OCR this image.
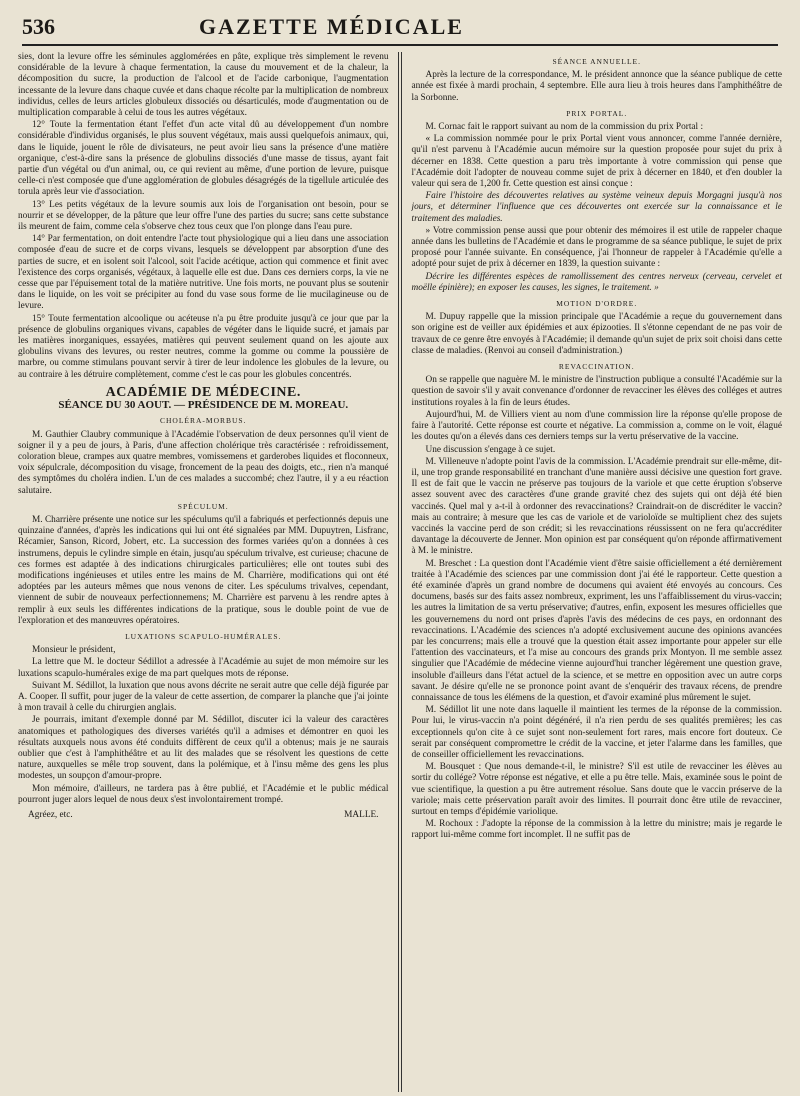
536	GAZETTE MÉDICALE

sies, dont la levure offre les séminules agglomérées en pâte, explique très simplement le revenu considérable de la levure à chaque fermentation, la cause du mouvement et de la chaleur, la décomposition du sucre, la production de l'alcool et de l'acide carbonique, l'augmentation incessante de la levure dans chaque cuvée et dans chaque récolte par la multiplication de nombreux individus, celles de leurs articles globuleux dissociés ou désarticulés, mode d'augmentation ou de multiplication comparable à celui de tous les autres végétaux.

12° Toute la fermentation étant l'effet d'un acte vital dû au développement d'un nombre considérable d'individus organisés, le plus souvent végétaux, mais aussi quelquefois animaux, qui, dans le liquide, jouent le rôle de divisateurs, ne peut avoir lieu sans la présence d'une matière organique, c'est-à-dire sans la présence de globulins dissociés d'une masse de tissus, ayant fait partie d'un végétal ou d'un animal, ou, ce qui revient au même, d'une portion de levure, puisque celle-ci n'est composée que d'une agglomération de globules désagrégés de la tigellule articulée des torula après leur vie d'association.

13° Les petits végétaux de la levure soumis aux lois de l'organisation ont besoin, pour se nourrir et se développer, de la pâture que leur offre l'une des parties du sucre; sans cette substance ils meurent de faim, comme cela s'observe chez tous ceux que l'on plonge dans l'eau pure.

14° Par fermentation, on doit entendre l'acte tout physiologique qui a lieu dans une association composée d'eau de sucre et de corps vivans, lesquels se développent par absorption d'une des parties de sucre, et en isolent soit l'alcool, soit l'acide acétique, action qui commence et finit avec l'existence des corps organisés, végétaux, à laquelle elle est due. Dans ces derniers corps, la vie ne cesse que par l'épuisement total de la matière nutritive. Une fois morts, ne pouvant plus se soutenir dans le liquide, on les voit se précipiter au fond du vase sous forme de lie mucilagineuse ou de levure.

15° Toute fermentation alcoolique ou acéteuse n'a pu être produite jusqu'à ce jour que par la présence de globulins organiques vivans, capables de végéter dans le liquide sucré, et jamais par les matières inorganiques, essayées, matières qui peuvent seulement quand on les ajoute aux globulins vivans des levures, ou rester neutres, comme la gomme ou comme la poussière de marbre, ou comme stimulans pouvant servir à tirer de leur indolence les globules de la levure, ou au contraire à les détruire complètement, comme c'est le cas pour les globules concentrés.

ACADÉMIE DE MÉDECINE.
SÉANCE DU 30 AOUT. — PRÉSIDENCE DE M. MOREAU.
CHOLÉRA-MORBUS.

M. Gauthier Claubry communique à l'Académie l'observation de deux personnes qu'il vient de soigner il y a peu de jours, à Paris, d'une affection cholérique très caractérisée : refroidissement, coloration bleue, crampes aux quatre membres, vomissemens et garderobes liquides et floconneux, voix sépulcrale, décomposition du visage, froncement de la peau des doigts, etc., rien n'a manqué des symptômes du choléra indien. L'un de ces malades a succombé; chez l'autre, il y a eu réaction salutaire.

SPÉCULUM.

M. Charrière présente une notice sur les spéculums qu'il a fabriqués et perfectionnés depuis une quinzaine d'années, d'après les indications qui lui ont été signalées par MM. Dupuytren, Lisfranc, Récamier, Sanson, Ricord, Jobert, etc. La succession des formes variées qu'on a données à ces instrumens, depuis le cylindre simple en étain, jusqu'au spéculum trivalve, est curieuse; chacune de ces formes est adaptée à des indications chirurgicales particulières; elle ont toutes subi des modifications ingénieuses et utiles entre les mains de M. Charrière, modifications qui ont été adoptées par les auteurs mêmes que nous venons de citer. Les spéculums trivalves, cependant, viennent de subir de nouveaux perfectionnemens; M. Charrière est parvenu à les rendre aptes à remplir à eux seuls les différentes indications de la pratique, sous le double point de vue de l'exploration et des manœuvres opératoires.

LUXATIONS SCAPULO-HUMÉRALES.

Monsieur le président,

La lettre que M. le docteur Sédillot a adressée à l'Académie au sujet de mon mémoire sur les luxations scapulo-humérales exige de ma part quelques mots de réponse.

Suivant M. Sédillot, la luxation que nous avons décrite ne serait autre que celle déjà figurée par A. Cooper. Il suffit, pour juger de la valeur de cette assertion, de comparer la planche que j'ai jointe à mon travail à celle du chirurgien anglais.

Je pourrais, imitant d'exemple donné par M. Sédillot, discuter ici la valeur des caractères anatomiques et pathologiques des diverses variétés qu'il a admises et démontrer en quoi les résultats auxquels nous avons été conduits diffèrent de ceux qu'il a obtenus; mais je ne saurais oublier que c'est à l'amphithéâtre et au lit des malades que se résolvent les questions de cette nature, auxquelles se mêle trop souvent, dans la polémique, et à l'insu même des gens les plus modestes, un soupçon d'amour-propre.

Mon mémoire, d'ailleurs, ne tardera pas à être publié, et l'Académie et le public médical pourront juger alors lequel de nous deux s'est involontairement trompé.

Agréez, etc.	MALLE.
SÉANCE ANNUELLE.

Après la lecture de la correspondance, M. le président annonce que la séance publique de cette année est fixée à mardi prochain, 4 septembre. Elle aura lieu à trois heures dans l'amphithéâtre de la Sorbonne.

PRIX PORTAL.

M. Cornac fait le rapport suivant au nom de la commission du prix Portal :

« La commission nommée pour le prix Portal vient vous annoncer, comme l'année dernière, qu'il n'est parvenu à l'Académie aucun mémoire sur la question proposée pour sujet du prix à décerner en 1838. Cette question a paru très importante à votre commission qui pense que l'Académie doit l'adopter de nouveau comme sujet de prix à décerner en 1840, et d'en doubler la valeur qui sera de 1,200 fr. Cette question est ainsi conçue :

Faire l'histoire des découvertes relatives au système veineux depuis Morgagni jusqu'à nos jours, et déterminer l'influence que ces découvertes ont exercée sur la connaissance et le traitement des maladies.

» Votre commission pense aussi que pour obtenir des mémoires il est utile de rappeler chaque année dans les bulletins de l'Académie et dans le programme de sa séance publique, le sujet de prix proposé pour l'année suivante. En conséquence, j'ai l'honneur de rappeler à l'Académie qu'elle a adopté pour sujet de prix à décerner en 1839, la question suivante :

Décrire les différentes espèces de ramollissement des centres nerveux (cerveau, cervelet et moëlle épinière); en exposer les causes, les signes, le traitement. »

MOTION D'ORDRE.

M. Dupuy rappelle que la mission principale que l'Académie a reçue du gouvernement dans son origine est de veiller aux épidémies et aux épizooties. Il s'étonne cependant de ne pas voir de travaux de ce genre être envoyés à l'Académie; il demande qu'un sujet de prix soit choisi dans cette classe de maladies. (Renvoi au conseil d'administration.)

REVACCINATION.

On se rappelle que naguère M. le ministre de l'instruction publique a consulté l'Académie sur la question de savoir s'il y avait convenance d'ordonner de revacciner les élèves des colléges et autres institutions royales à la fin de leurs études.

Aujourd'hui, M. de Villiers vient au nom d'une commission lire la réponse qu'elle propose de faire à l'autorité. Cette réponse est courte et négative. La commission a, comme on le voit, élagué les doutes qu'on a élevés dans ces derniers temps sur la vertu préservative de la vaccine.

Une discussion s'engage à ce sujet.

M. Villeneuve n'adopte point l'avis de la commission. L'Académie prendrait sur elle-même, dit-il, une trop grande responsabilité en tranchant d'une manière aussi décisive une question fort grave. Il est de fait que le vaccin ne préserve pas toujours de la variole et que cette éruption s'observe assez souvent avec des caractères d'une grande gravité chez des sujets qui ont déjà été bien vaccinés. Quel mal y a-t-il à ordonner des revaccinations? Craindrait-on de discréditer le vaccin? mais au contraire; à mesure que les cas de variole et de varioloïde se multiplient chez des sujets vaccinés la vaccine perd de son crédit; si les revaccinations réussissent on ne fera qu'accréditer davantage la découverte de Jenner. Mon opinion est par conséquent qu'on réponde affirmativement à M. le ministre.

M. Breschet : La question dont l'Académie vient d'être saisie officiellement a été dernièrement traitée à l'Académie des sciences par une commission dont j'ai été le rapporteur. Cette question a été examinée d'après un grand nombre de documens qui avaient été envoyés au concours. Ces documens, basés sur des faits assez nombreux, expriment, les uns l'affaiblissement du virus-vaccin; les autres la limitation de sa vertu préservative; d'autres, enfin, exposent les mesures officielles que les gouvernemens du nord ont prises d'après l'avis des médecins de ces pays, en ordonnant des revaccinations. L'Académie des sciences n'a adopté exclusivement aucune des opinions avancées par les concurrens; mais elle a trouvé que la question était assez importante pour appeler sur elle l'attention des vaccinateurs, et l'a mise au concours des grands prix Montyon. Il me semble assez singulier que l'Académie de médecine vienne aujourd'hui trancher légèrement une question grave, insoluble d'ailleurs dans l'état actuel de la science, et se mettre en opposition avec un autre corps savant. Je désire qu'elle ne se prononce point avant de s'enquérir des travaux récens, de prendre connaissance de tous les élémens de la question, et d'avoir examiné plus mûrement le sujet.

M. Sédillot lit une note dans laquelle il maintient les termes de la réponse de la commission. Pour lui, le virus-vaccin n'a point dégénéré, il n'a rien perdu de ses qualités premières; les cas exceptionnels qu'on cite à ce sujet sont non-seulement fort rares, mais encore fort douteux. Ce serait par conséquent compromettre le crédit de la vaccine, et jeter l'alarme dans les familles, que de conseiller officiellement les revaccinations.

M. Bousquet : Que nous demande-t-il, le ministre? S'il est utile de revacciner les élèves au sortir du collége? Votre réponse est négative, et elle a pu être telle. Mais, examinée sous le point de vue scientifique, la question a pu être autrement résolue. Sans doute que le vaccin préserve de la variole; mais cette préservation paraît avoir des limites. Il pourrait donc être utile de revacciner, surtout en temps d'épidémie variolique.

M. Rochoux : J'adopte la réponse de la commission à la lettre du ministre; mais je regarde le rapport lui-même comme fort incomplet. Il ne suffit pas de
